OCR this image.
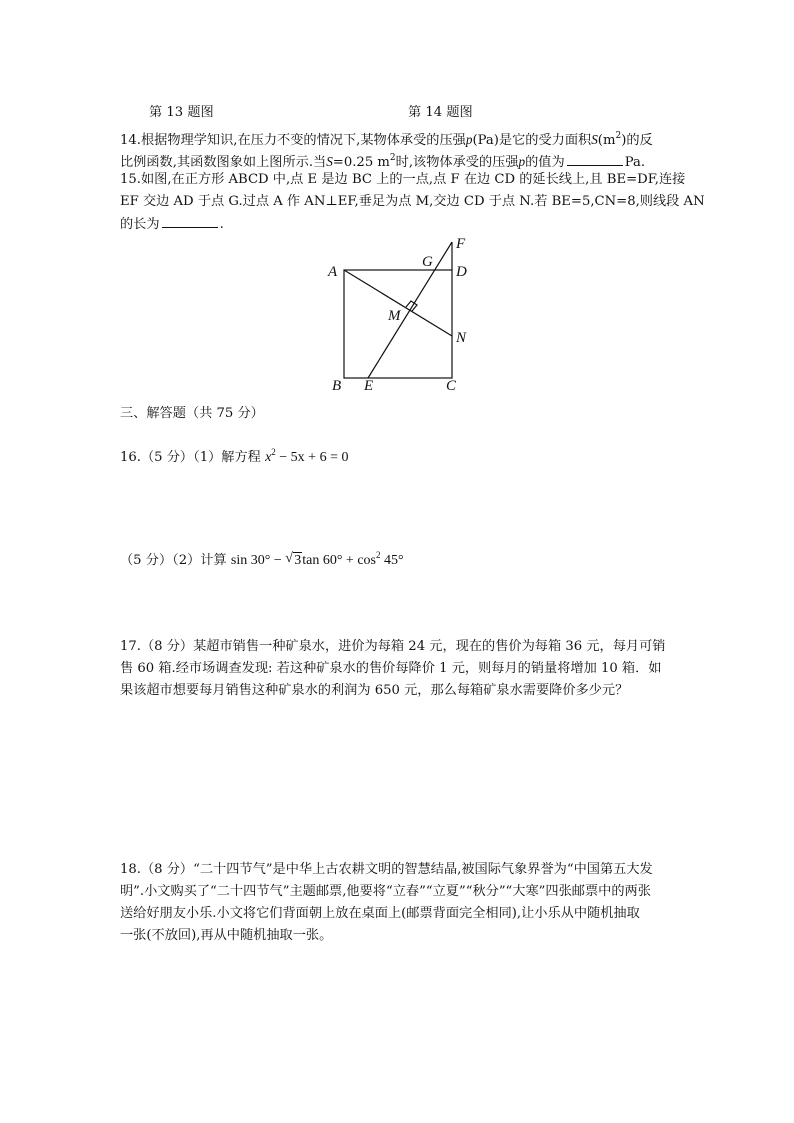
第 13 题图	第 14 题图
14.根据物理学知识,在压力不变的情况下,某物体承受的压强p(Pa)是它的受力面积$S(m^2)$的反
比例函数,其函数图象如上图所示.当S=0.25 $m^2$时,该物体承受的压强p的值为	Pa.
15.如图,在正方形 ABCD 中,点 E 是边 BC 上的一点,点 F 在边 CD 的延长线上,且 BE=DF,连接
EF 交边 AD 于点 G.过点 A 作 AN⊥EF,垂足为点 M,交边 CD 于点 N.若 BE=5,CN=8,则线段 AN
的长为	.
A
G
D
F
M
N
B E	C
三、解答题（共 75 分）
16.（5 分）（1）解方程 $x^2 - 5x + 6 = 0$
（5 分）（2）计算 sin 30° − √ 3tan $60^\circ + \cos^2 45^\circ$
17.（8 分）某超市销售一种矿泉水，进价为每箱 24 元，现在的售价为每箱 36 元，每月可销
售 60 箱.经市场调查发现: 若这种矿泉水的售价每降价 1 元，则每月的销量将增加 10 箱．如
果该超市想要每月销售这种矿泉水的利润为 650 元，那么每箱矿泉水需要降价多少元？
18.（8 分）“二十四节气”是中华上古农耕文明的智慧结晶,被国际气象界誉为“中国第五大发
明”.小文购买了“二十四节气”主题邮票,他要将“立春”“立夏”“秋分”“大寒”四张邮票中的两张
送给好朋友小乐.小文将它们背面朝上放在桌面上(邮票背面完全相同),让小乐从中随机抽取
一张(不放回),再从中随机抽取一张。
